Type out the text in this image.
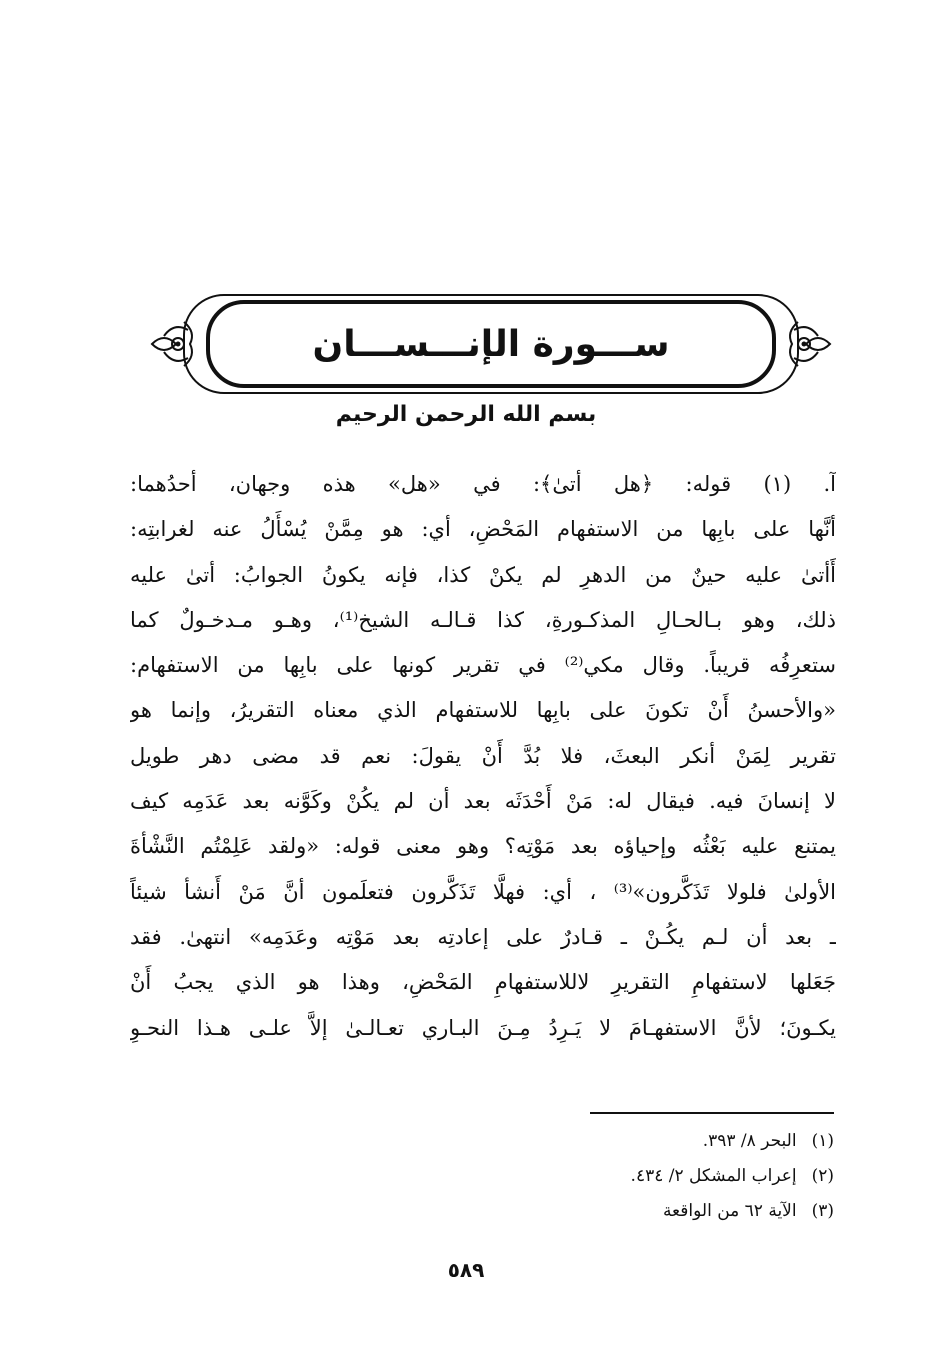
ســـورة الإنـــســـان
بسم الله الرحمن الرحيم
آ. (١) قوله: ﴿هل أتىٰ﴾: في «هل» هذه وجهان، أحدُهما:
أنَّها على بابِها من الاستفهام المَحْضِ، أي: هو مِمَّنْ يُسْأَلُ عنه لغرابتِه:
أَأتىٰ عليه حينٌ من الدهرِ لم يكنْ كذا، فإنه يكونُ الجوابُ: أتىٰ عليه
ذلك، وهو بـالحـالِ المذكـورةِ، كذا قـالـه الشيخ⁽¹⁾، وهـو مـدخـولٌ كما
ستعرِفُه قريباً. وقال مكي⁽²⁾ في تقرير كونها على بابِها من الاستفهام:
«والأحسنُ أَنْ تكونَ على بابِها للاستفهام الذي معناه التقريرُ، وإنما هو
تقرير لِمَنْ أنكر البعثَ، فلا بُدَّ أَنْ يقولَ: نعم قد مضى دهر طويل
لا إنسانَ فيه. فيقال له: مَنْ أَحْدَثَه بعد أن لم يكُنْ وكَوَّنه بعد عَدَمِه كيف
يمتنع عليه بَعْثُه وإحياؤه بعد مَوْتِه؟ وهو معنى قوله: «ولقد عَلِمْتُم النَّشْأةَ
الأولىٰ فلولا تَذَكَّرون»⁽³⁾ ، أي: فهلَّا تَذَكَّرون فتعلَمون أنَّ مَنْ أَنشأ شيئاً
ـ بعد أن لـم يكُـنْ ـ قـادرٌ على إعادتِه بعد مَوْتِه وعَدَمِه» انتهىٰ. فقد
جَعَلها لاستفهامِ التقريرِ لاللاستفهامِ المَحْضِ، وهذا هو الذي يجبُ أَنْ
يكـونَ؛ لأنَّ الاستفهـامَ لا يَـرِدُ مِـنَ البـاري تعـالـىٰ إلاَّ علـى هـذا النحـوِ
(١) البحر ٨/ ٣٩٣.
(٢) إعراب المشكل ٢/ ٤٣٤.
(٣) الآية ٦٢ من الواقعة
٥٨٩
